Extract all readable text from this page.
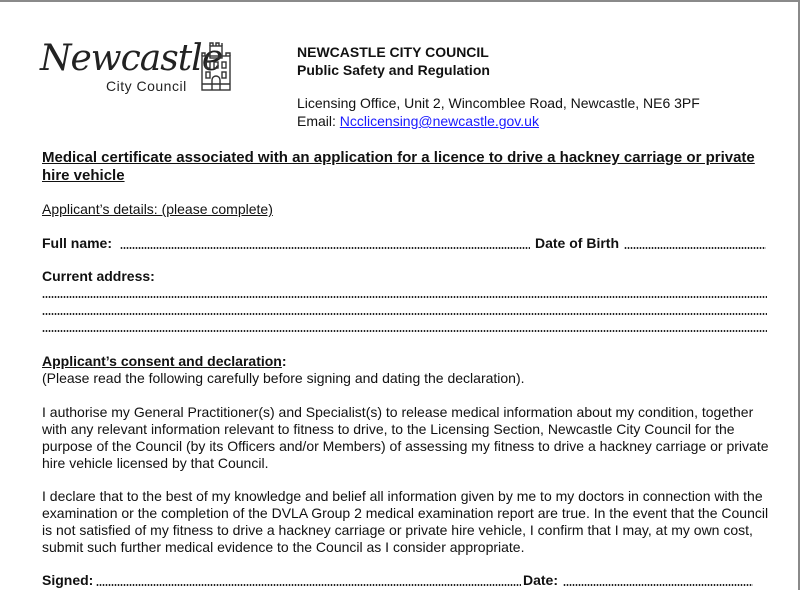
Newcastle
City Council
NEWCASTLE CITY COUNCIL
Public Safety and Regulation
Licensing Office, Unit 2, Wincomblee Road, Newcastle, NE6 3PF
Email: Ncclicensing@newcastle.gov.uk
Medical certificate associated with an application for a licence to drive a hackney carriage or private hire vehicle
Applicant’s details: (please complete)
Full name:	Date of Birth
Current address:
Applicant’s consent and declaration:
(Please read the following carefully before signing and dating the declaration).
I authorise my General Practitioner(s) and Specialist(s) to release medical information about my condition, together with any relevant information relevant to fitness to drive, to the Licensing Section, Newcastle City Council for the purpose of the Council (by its Officers and/or Members) of assessing my fitness to drive a hackney carriage or private hire vehicle licensed by that Council.
I declare that to the best of my knowledge and belief all information given by me to my doctors in connection with the examination or the completion of the DVLA Group 2 medical examination report are true. In the event that the Council is not satisfied of my fitness to drive a hackney carriage or private hire vehicle, I confirm that I may, at my own cost, submit such further medical evidence to the Council as I consider appropriate.
Signed:	Date:
